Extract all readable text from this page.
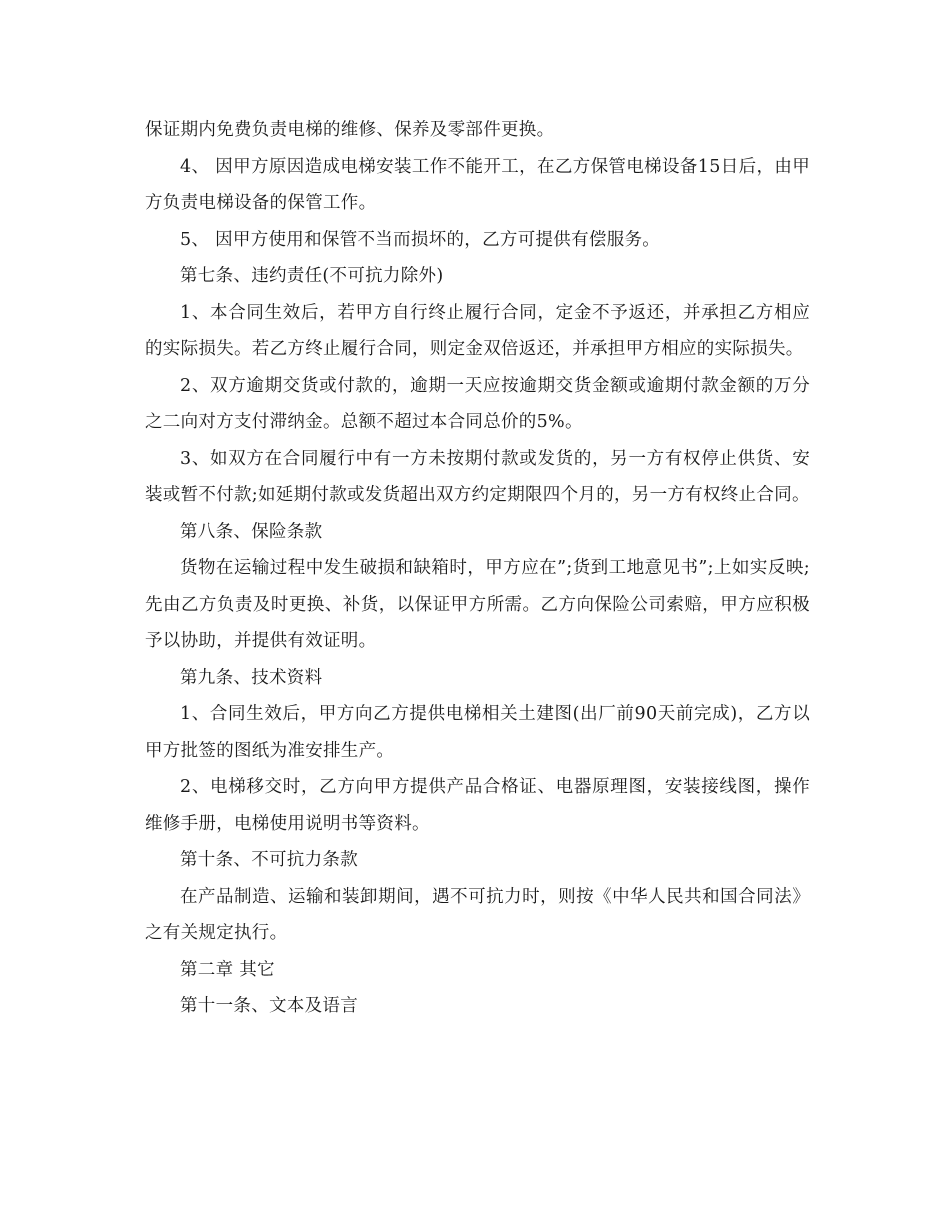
保证期内免费负责电梯的维修、保养及零部件更换。

4、 因甲方原因造成电梯安装工作不能开工，在乙方保管电梯设备15日后，由甲方负责电梯设备的保管工作。

5、 因甲方使用和保管不当而损坏的，乙方可提供有偿服务。

第七条、违约责任(不可抗力除外)

1、本合同生效后，若甲方自行终止履行合同，定金不予返还，并承担乙方相应的实际损失。若乙方终止履行合同，则定金双倍返还，并承担甲方相应的实际损失。

2、双方逾期交货或付款的，逾期一天应按逾期交货金额或逾期付款金额的万分之二向对方支付滞纳金。总额不超过本合同总价的5%。

3、如双方在合同履行中有一方未按期付款或发货的，另一方有权停止供货、安装或暂不付款;如延期付款或发货超出双方约定期限四个月的，另一方有权终止合同。

第八条、保险条款

货物在运输过程中发生破损和缺箱时，甲方应在”;货到工地意见书”;上如实反映;先由乙方负责及时更换、补货，以保证甲方所需。乙方向保险公司索赔，甲方应积极予以协助，并提供有效证明。

第九条、技术资料

1、合同生效后，甲方向乙方提供电梯相关土建图(出厂前90天前完成)，乙方以甲方批签的图纸为准安排生产。

2、电梯移交时，乙方向甲方提供产品合格证、电器原理图，安装接线图，操作维修手册，电梯使用说明书等资料。

第十条、不可抗力条款

在产品制造、运输和装卸期间，遇不可抗力时，则按《中华人民共和国合同法》之有关规定执行。

第二章 其它

第十一条、文本及语言
